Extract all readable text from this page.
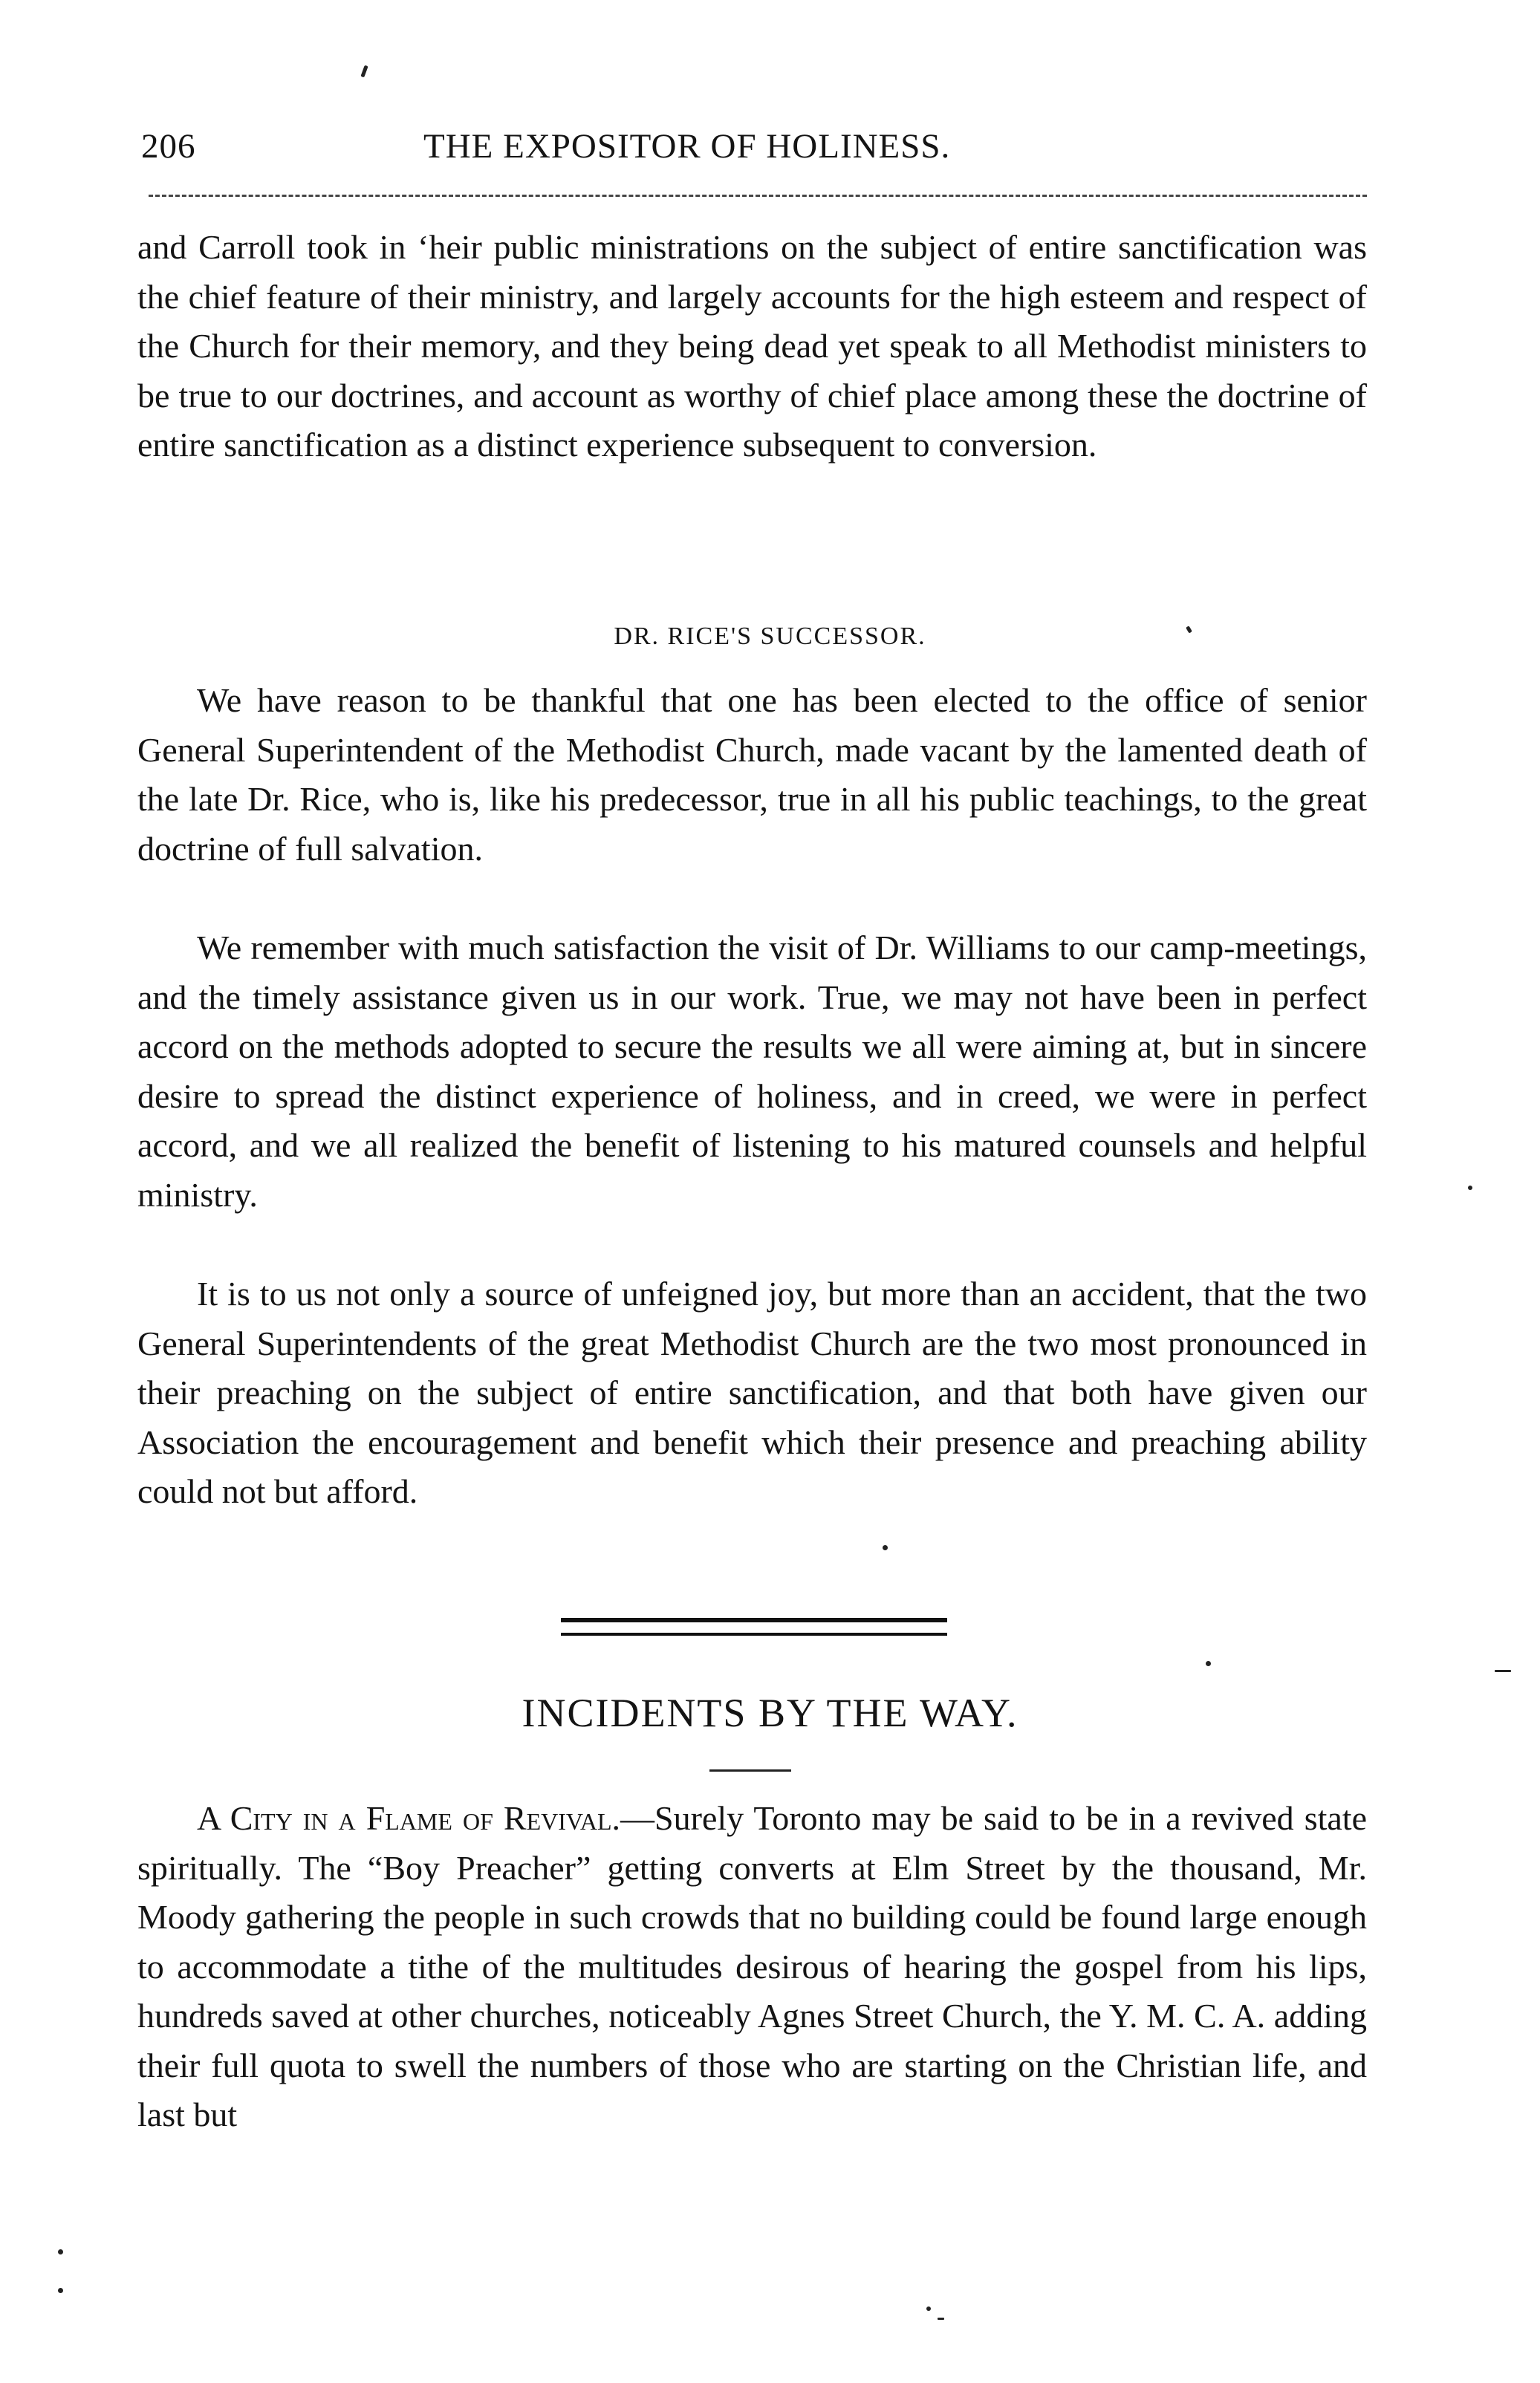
206	THE EXPOSITOR OF HOLINESS.
and Carroll took in ‘heir public ministrations on the subject of entire sanctification was the chief feature of their ministry, and largely accounts for the high esteem and respect of the Church for their memory, and they being dead yet speak to all Methodist ministers to be true to our doctrines, and account as worthy of chief place among these the doctrine of entire sanctification as a distinct experience subsequent to conversion.
DR. RICE'S SUCCESSOR.
We have reason to be thankful that one has been elected to the office of senior General Superintendent of the Methodist Church, made vacant by the lamented death of the late Dr. Rice, who is, like his predecessor, true in all his public teachings, to the great doctrine of full salvation.
We remember with much satisfaction the visit of Dr. Williams to our camp-meetings, and the timely assistance given us in our work. True, we may not have been in perfect accord on the methods adopted to secure the results we all were aiming at, but in sincere desire to spread the distinct experience of holiness, and in creed, we were in perfect accord, and we all realized the benefit of listening to his matured counsels and helpful ministry.
It is to us not only a source of unfeigned joy, but more than an accident, that the two General Superintendents of the great Methodist Church are the two most pronounced in their preaching on the subject of entire sanctification, and that both have given our Association the encouragement and benefit which their presence and preaching ability could not but afford.
INCIDENTS BY THE WAY.
A City in a Flame of Revival.—Surely Toronto may be said to be in a revived state spiritually. The “Boy Preacher” getting converts at Elm Street by the thousand, Mr. Moody gathering the people in such crowds that no building could be found large enough to accommodate a tithe of the multitudes desirous of hearing the gospel from his lips, hundreds saved at other churches, noticeably Agnes Street Church, the Y. M. C. A. adding their full quota to swell the numbers of those who are starting on the Christian life, and last but
